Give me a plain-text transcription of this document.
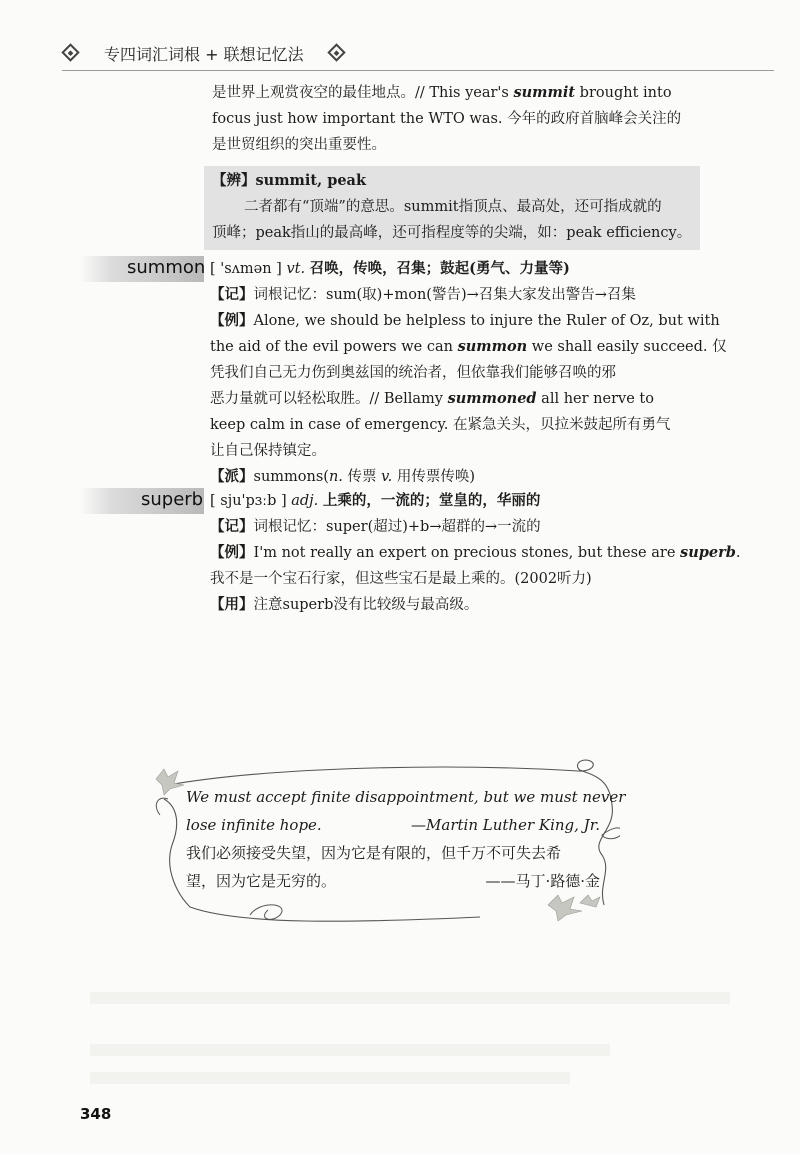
专四词汇词根 + 联想记忆法
是世界上观赏夜空的最佳地点。// This year's summit brought into
focus just how important the WTO was. 今年的政府首脑峰会关注的
是世贸组织的突出重要性。
【辨】summit, peak
二者都有“顶端”的意思。summit指顶点、最高处，还可指成就的
顶峰；peak指山的最高峰，还可指程度等的尖端，如：peak efficiency。
summon [ 'sʌmən ] vt. 召唤，传唤，召集；鼓起(勇气、力量等)
【记】词根记忆：sum(取)+mon(警告)→召集大家发出警告→召集
【例】Alone, we should be helpless to injure the Ruler of Oz, but with
the aid of the evil powers we can summon we shall easily succeed. 仅
凭我们自己无力伤到奥兹国的统治者，但依靠我们能够召唤的邪
恶力量就可以轻松取胜。// Bellamy summoned all her nerve to
keep calm in case of emergency. 在紧急关头，贝拉米鼓起所有勇气
让自己保持镇定。
【派】summons(n. 传票 v. 用传票传唤)
superb [ sju'pɜːb ] adj. 上乘的，一流的；堂皇的，华丽的
【记】词根记忆：super(超过)+b→超群的→一流的
【例】I'm not really an expert on precious stones, but these are superb.
我不是一个宝石行家，但这些宝石是最上乘的。(2002听力)
【用】注意superb没有比较级与最高级。
We must accept finite disappointment, but we must never
lose infinite hope.	—Martin Luther King, Jr.
我们必须接受失望，因为它是有限的，但千万不可失去希
望，因为它是无穷的。	——马丁·路德·金
348
